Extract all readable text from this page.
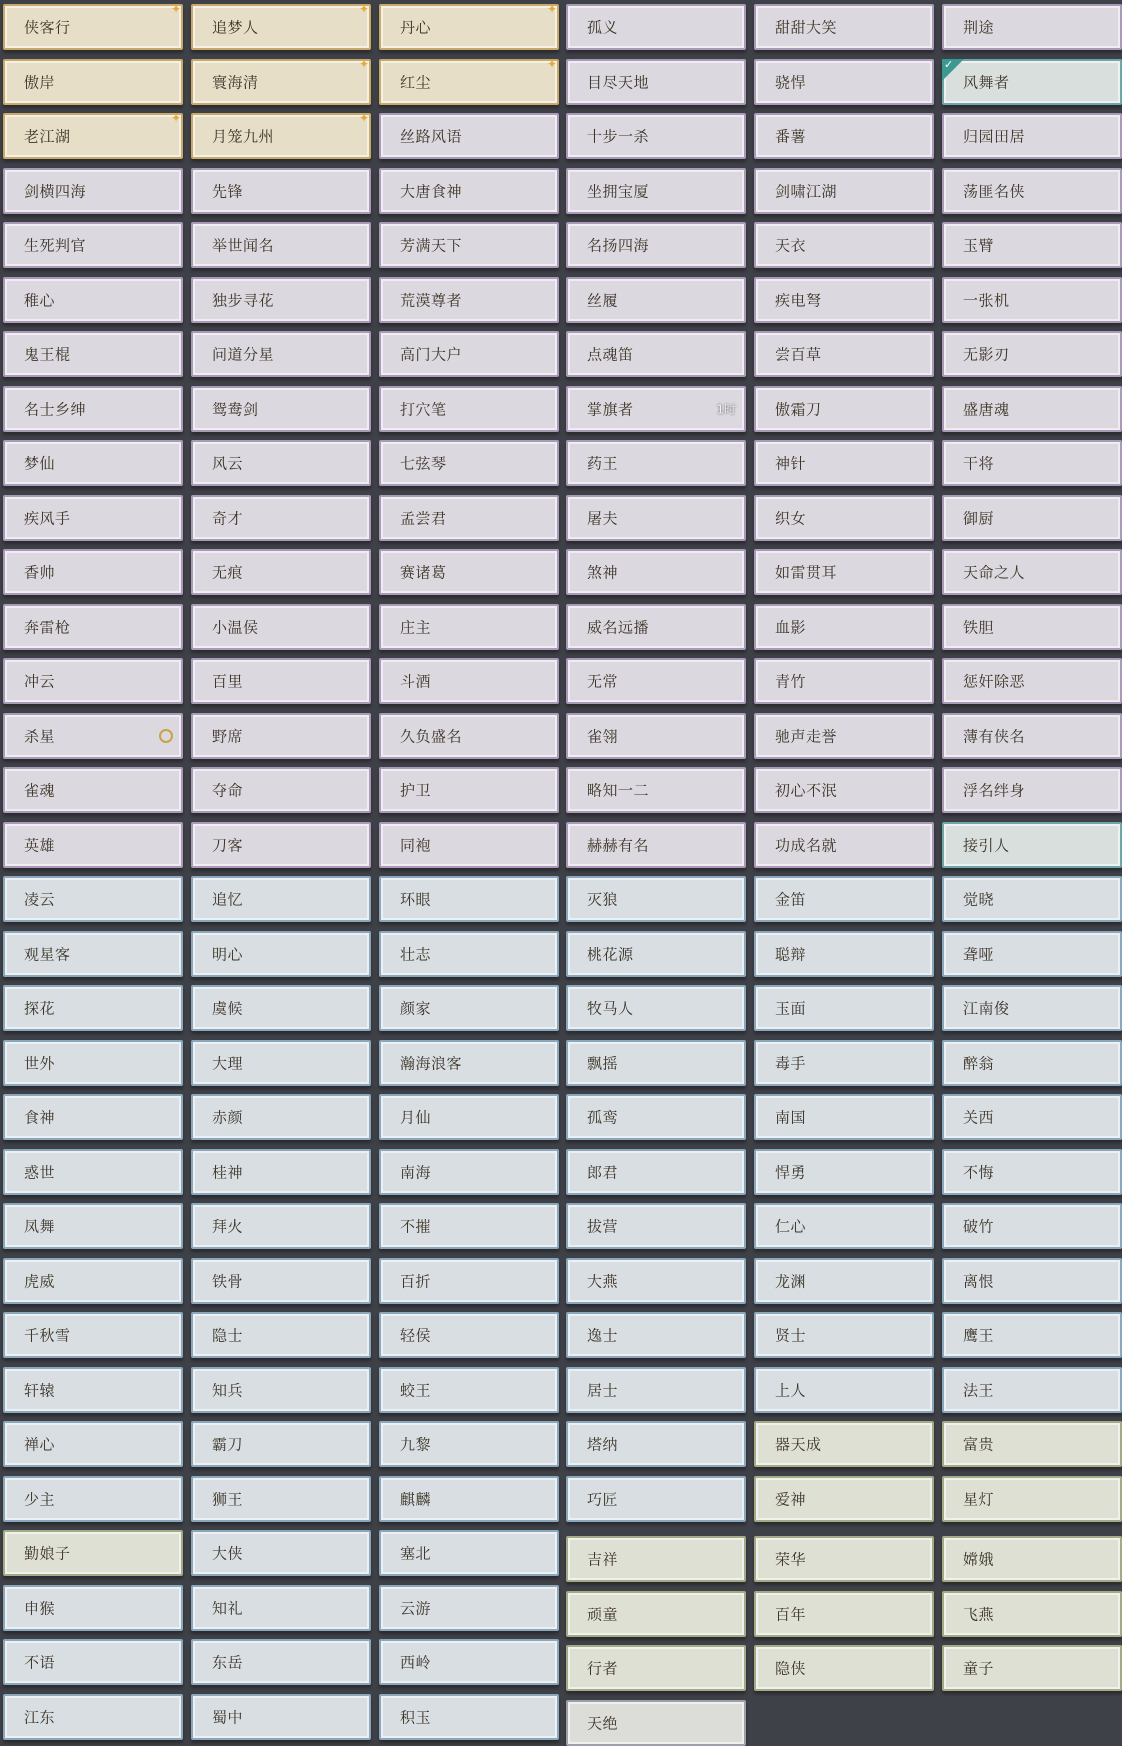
侠客行
✦
傲岸
老江湖
✦
剑横四海
生死判官
稚心
鬼王棍
名士乡绅
梦仙
疾风手
香帅
奔雷枪
冲云
杀星
雀魂
英雄
凌云
观星客
探花
世外
食神
惑世
凤舞
虎威
千秋雪
轩辕
禅心
少主
勤娘子
申猴
不语
江东
追梦人
✦
寰海清
✦
月笼九州
✦
先锋
举世闻名
独步寻花
问道分星
鸳鸯剑
风云
奇才
无痕
小温侯
百里
野席
夺命
刀客
追忆
明心
虞候
大理
赤颜
桂神
拜火
铁骨
隐士
知兵
霸刀
狮王
大侠
知礼
东岳
蜀中
丹心
✦
红尘
✦
丝路风语
大唐食神
芳满天下
荒漠尊者
高门大户
打穴笔
七弦琴
孟尝君
赛诸葛
庄主
斗酒
久负盛名
护卫
同袍
环眼
壮志
颜家
瀚海浪客
月仙
南海
不摧
百折
轻侯
蛟王
九黎
麒麟
塞北
云游
西岭
积玉
孤义
目尽天地
十步一杀
坐拥宝厦
名扬四海
丝履
点魂笛
掌旗者	1时
药王
屠夫
煞神
威名远播
无常
雀翎
略知一二
赫赫有名
灭狼
桃花源
牧马人
飘摇
孤鸾
郎君
拔营
大燕
逸士
居士
塔纳
巧匠
吉祥
顽童
行者
天绝
甜甜大笑
骁悍
番薯
剑啸江湖
天衣
疾电弩
尝百草
傲霜刀
神针
织女
如雷贯耳
血影
青竹
驰声走誉
初心不泯
功成名就
金笛
聪辩
玉面
毒手
南国
悍勇
仁心
龙渊
贤士
上人
器天成
爱神
荣华
百年
隐侠
荆途
风舞者
✓
归园田居
荡匪名侠
玉臂
一张机
无影刃
盛唐魂
干将
御厨
天命之人
铁胆
惩奸除恶
薄有侠名
浮名绊身
接引人
觉晓
聋哑
江南俊
醉翁
关西
不悔
破竹
离恨
鹰王
法王
富贵
星灯
嫦娥
飞燕
童子
